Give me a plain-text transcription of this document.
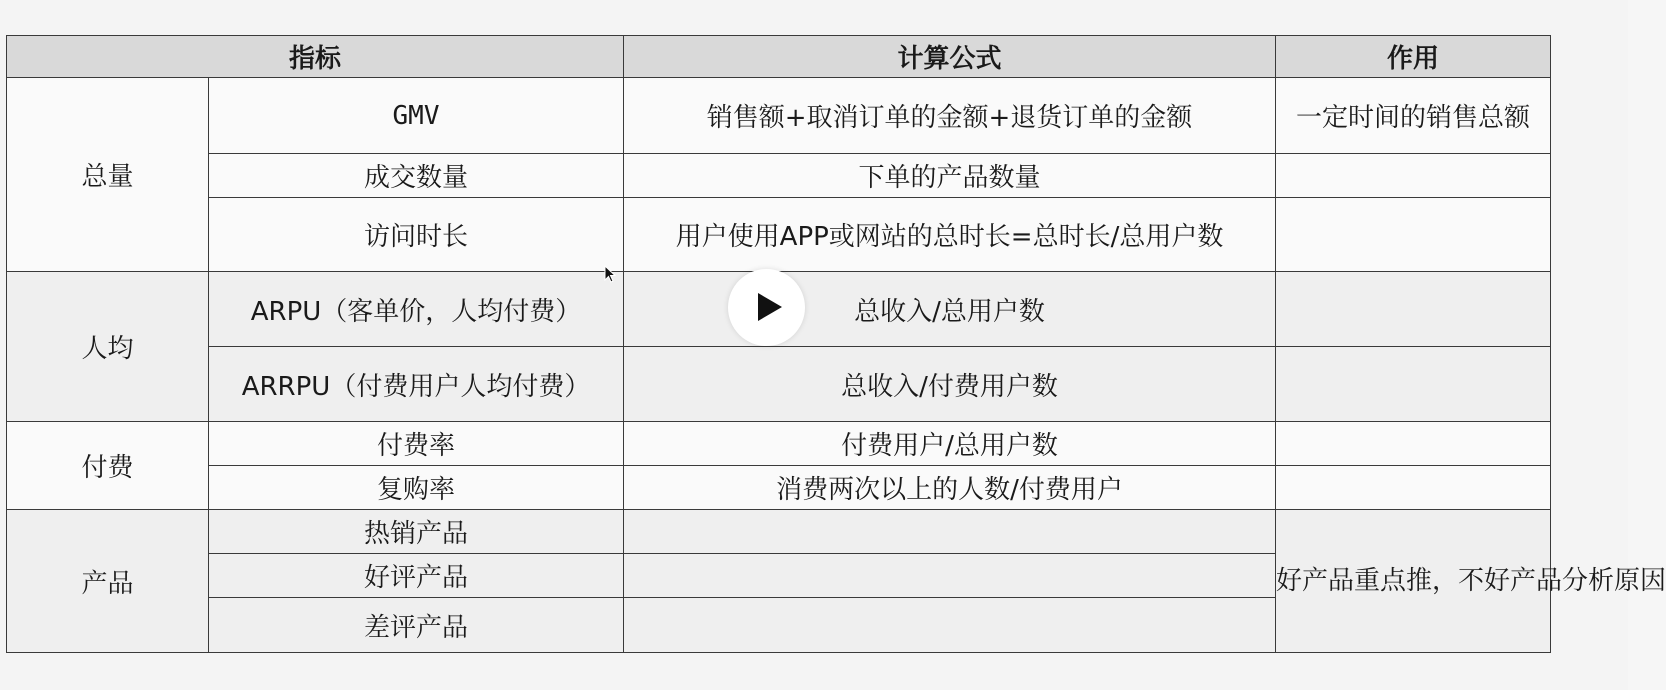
指标		计算公式	作用
总量	GMV	销售额+取消订单的金额+退货订单的金额	一定时间的销售总额
	成交数量	下单的产品数量	
	访问时长	用户使用APP或网站的总时长=总时长/总用户数	
人均	ARPU（客单价，人均付费）	总收入/总用户数	
	ARRPU（付费用户人均付费）	总收入/付费用户数	
付费	付费率	付费用户/总用户数	
	复购率	消费两次以上的人数/付费用户	
产品	热销产品		好产品重点推，不好产品分析原因
	好评产品		
	差评产品		
